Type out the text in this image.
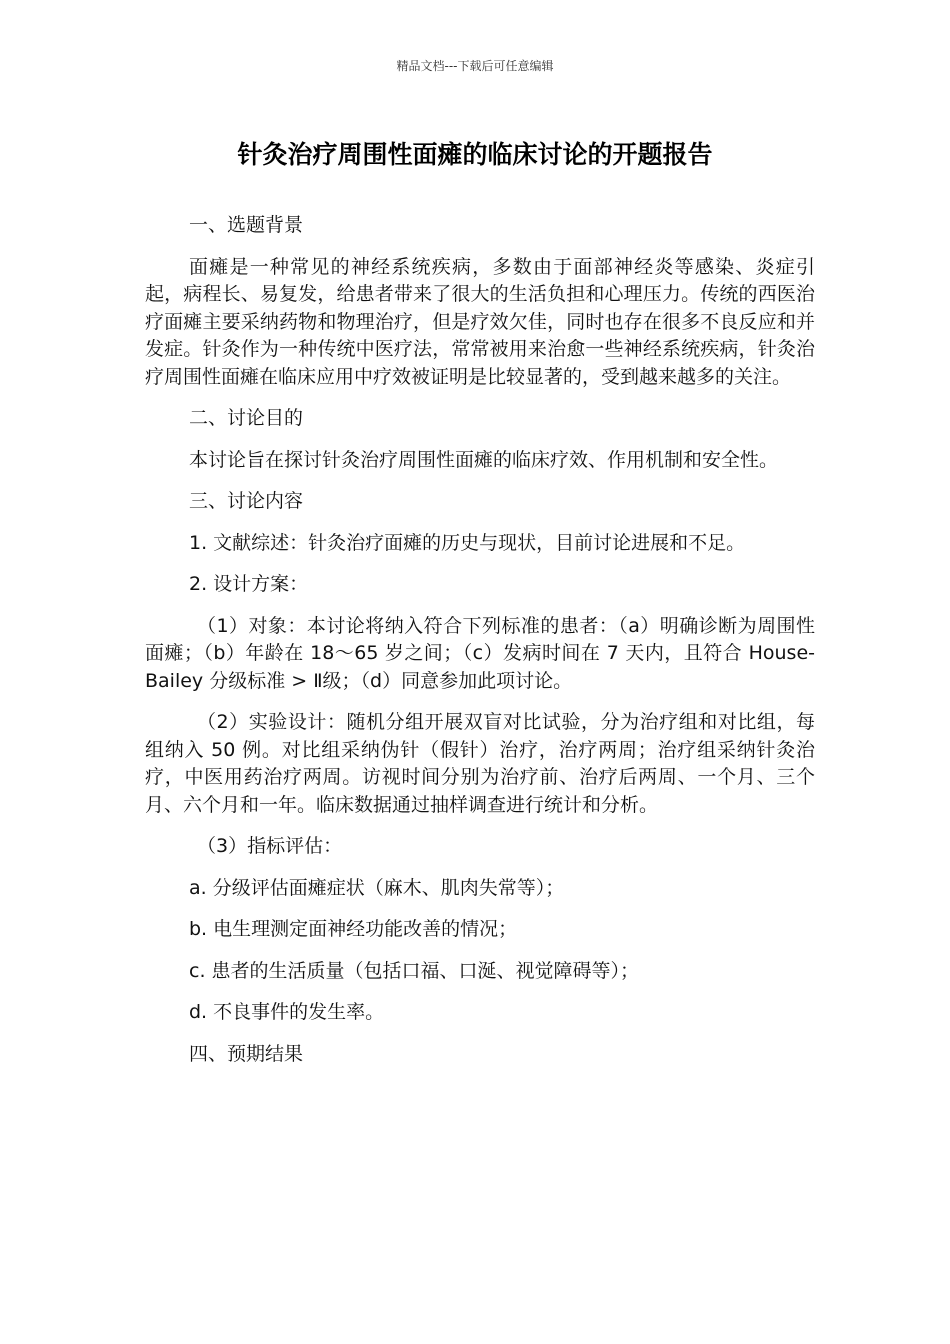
精品文档---下载后可任意编辑
针灸治疗周围性面瘫的临床讨论的开题报告

一、选题背景

面瘫是一种常见的神经系统疾病，多数由于面部神经炎等感染、炎症引起，病程长、易复发，给患者带来了很大的生活负担和心理压力。传统的西医治疗面瘫主要采纳药物和物理治疗，但是疗效欠佳，同时也存在很多不良反应和并发症。针灸作为一种传统中医疗法，常常被用来治愈一些神经系统疾病，针灸治疗周围性面瘫在临床应用中疗效被证明是比较显著的，受到越来越多的关注。

二、讨论目的

本讨论旨在探讨针灸治疗周围性面瘫的临床疗效、作用机制和安全性。

三、讨论内容

1. 文献综述：针灸治疗面瘫的历史与现状，目前讨论进展和不足。

2. 设计方案：

（1）对象：本讨论将纳入符合下列标准的患者：（a）明确诊断为周围性面瘫；（b）年龄在 18～65 岁之间；（c）发病时间在 7 天内，且符合 House-Bailey 分级标准 > Ⅱ级；（d）同意参加此项讨论。

（2）实验设计：随机分组开展双盲对比试验，分为治疗组和对比组，每组纳入 50 例。对比组采纳伪针（假针）治疗，治疗两周；治疗组采纳针灸治疗，中医用药治疗两周。访视时间分别为治疗前、治疗后两周、一个月、三个月、六个月和一年。临床数据通过抽样调查进行统计和分析。

（3）指标评估：

a. 分级评估面瘫症状（麻木、肌肉失常等）；

b. 电生理测定面神经功能改善的情况；

c. 患者的生活质量（包括口福、口涎、视觉障碍等）；

d. 不良事件的发生率。

四、预期结果
